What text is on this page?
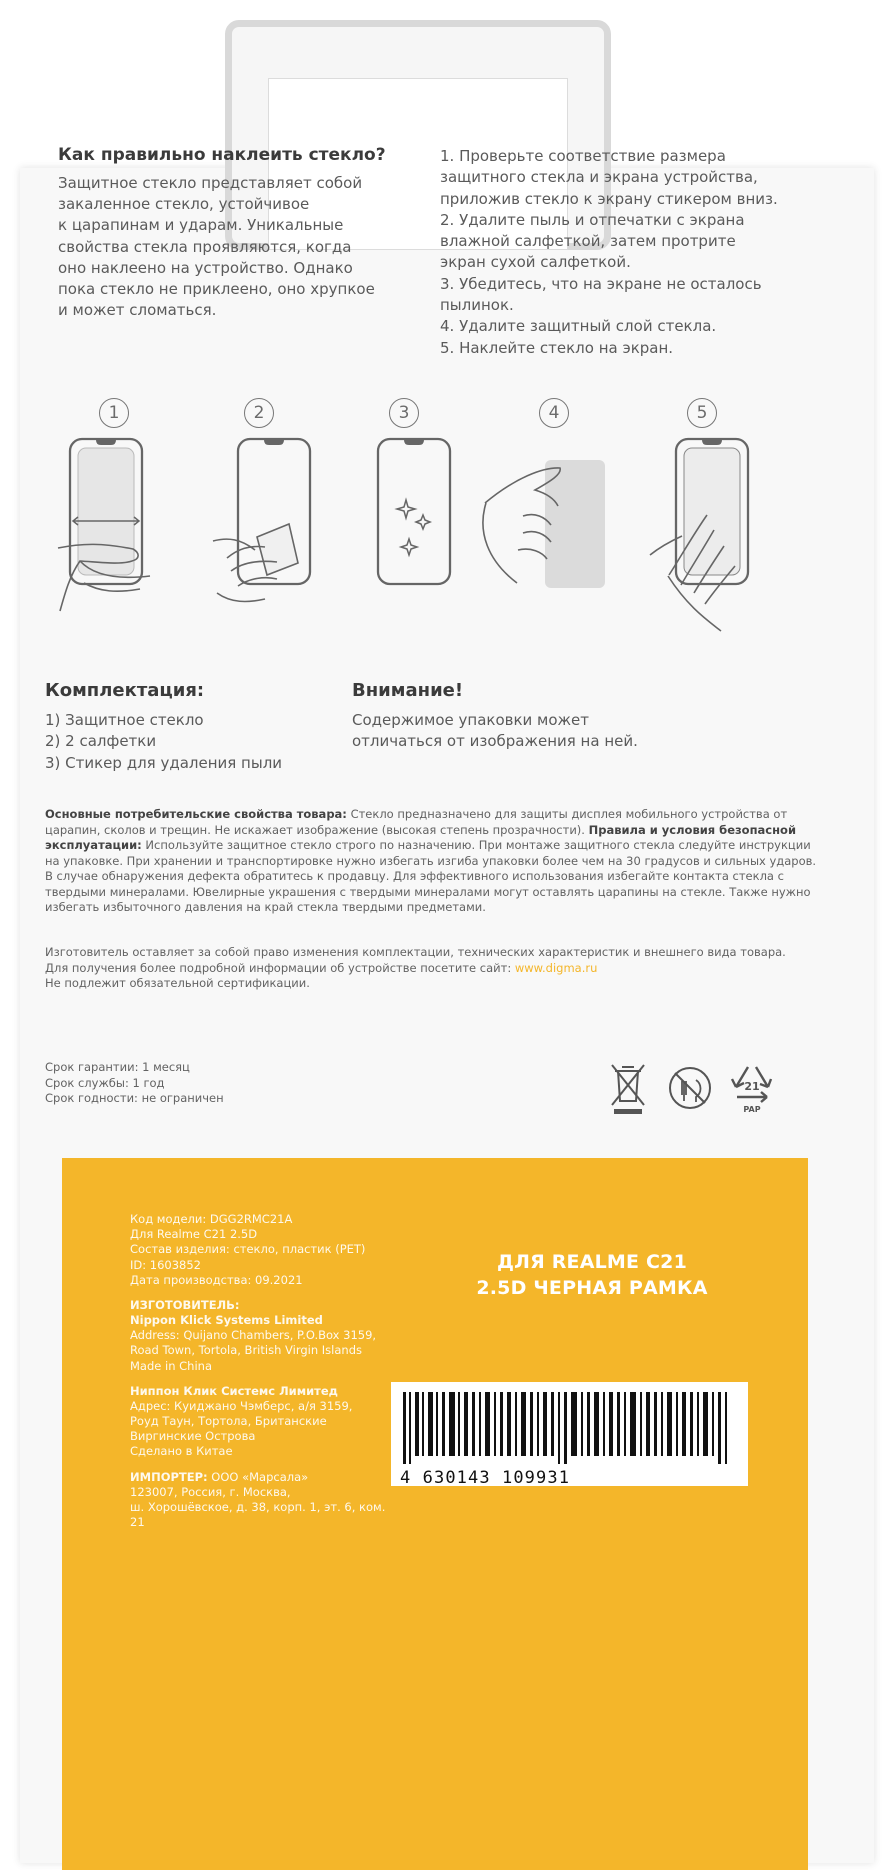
Как правильно наклеить стекло?
Защитное стекло представляет собой
закаленное стекло, устойчивое
к царапинам и ударам. Уникальные
свойства стекла проявляются, когда
оно наклеено на устройство. Однако
пока стекло не приклеено, оно хрупкое
и может сломаться.
1. Проверьте соответствие размера
защитного стекла и экрана устройства,
приложив стекло к экрану стикером вниз.
2. Удалите пыль и отпечатки с экрана
влажной салфеткой, затем протрите
экран сухой салфеткой.
3. Убедитесь, что на экране не осталось
пылинок.
4. Удалите защитный слой стекла.
5. Наклейте стекло на экран.
1	2	3	4	5
Комплектация:
1) Защитное стекло
2) 2 салфетки
3) Стикер для удаления пыли
Внимание!
Содержимое упаковки может
отличаться от изображения на ней.
Основные потребительские свойства товара: Стекло предназначено для защиты дисплея мобильного устройства от царапин, сколов и трещин. Не искажает изображение (высокая степень прозрачности). Правила и условия безопасной эксплуатации: Используйте защитное стекло строго по назначению. При монтаже защитного стекла следуйте инструкции на упаковке. При хранении и транспортировке нужно избегать изгиба упаковки более чем на 30 градусов и сильных ударов. В случае обнаружения дефекта обратитесь к продавцу. Для эффективного использования избегайте контакта стекла с твердыми минералами. Ювелирные украшения с твердыми минералами могут оставлять царапины на стекле. Также нужно избегать избыточного давления на край стекла твердыми предметами.
Изготовитель оставляет за собой право изменения комплектации, технических характеристик и внешнего вида товара.
Для получения более подробной информации об устройстве посетите сайт: www.digma.ru
Не подлежит обязательной сертификации.
Срок гарантии: 1 месяц
Срок службы: 1 год
Срок годности: не ограничен
21
PAP
Код модели: DGG2RMC21A
Для Realme C21 2.5D
Состав изделия: стекло, пластик (PET)
ID: 1603852
Дата производства: 09.2021
ИЗГОТОВИТЕЛЬ:
Nippon Klick Systems Limited
Address: Quijano Chambers, P.O.Box 3159,
Road Town, Tortola, British Virgin Islands
Made in China
Ниппон Клик Системс Лимитед
Адрес: Куиджано Чэмберс, а/я 3159,
Роуд Таун, Тортола, Британские
Виргинские Острова
Сделано в Китае
ИМПОРТЕР: ООО «Марсала»
123007, Россия, г. Москва,
ш. Хорошёвское, д. 38, корп. 1, эт. 6, ком. 21
ДЛЯ REALME C21
2.5D ЧЕРНАЯ РАМКА
4 630143 109931
